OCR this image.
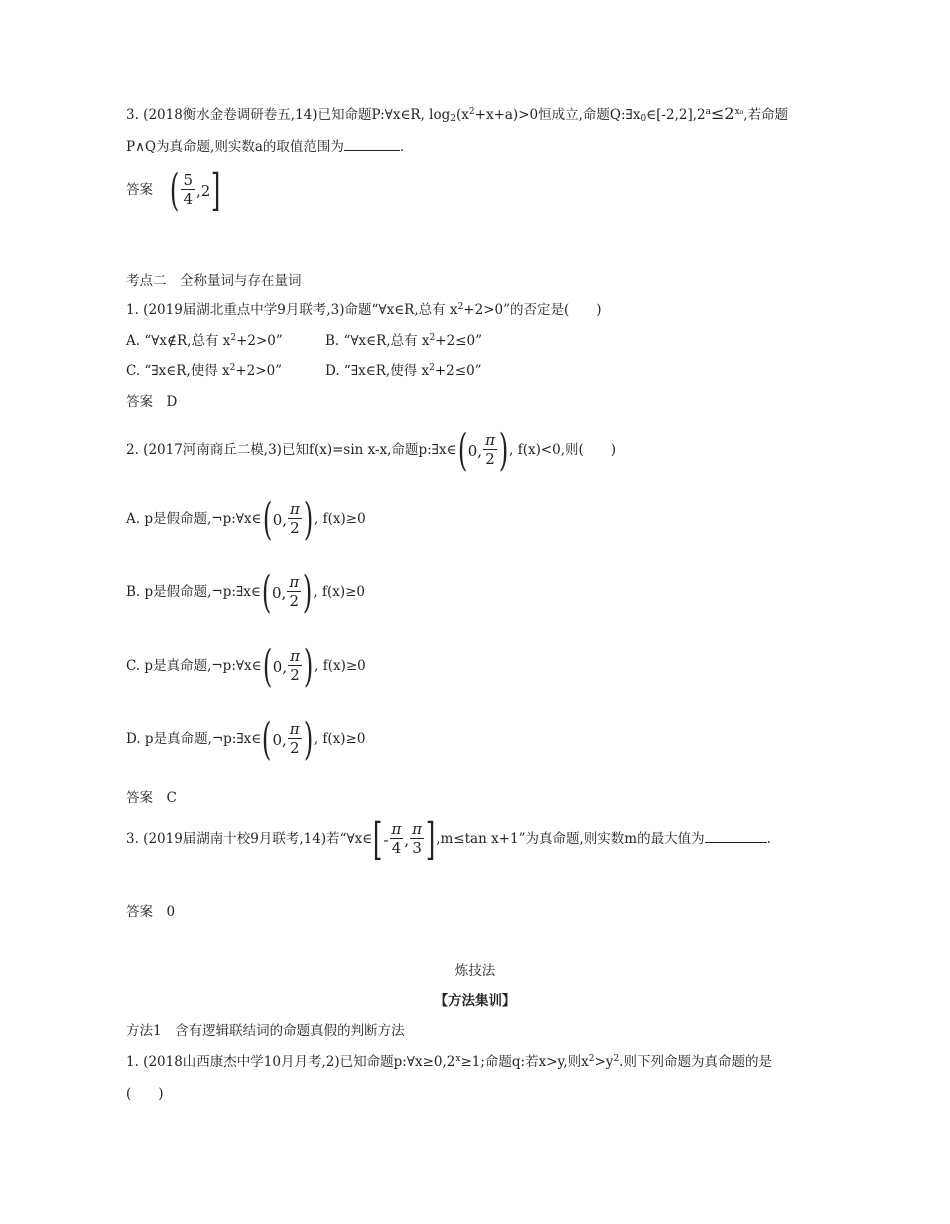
3. (2018衡水金卷调研卷五,14)已知命题P:∀x∈R, $\log_2(x^2+x+a)>0$恒成立,命题$Q:\exists x_0\in[-2,2],2^a\le 2^{x_0}$,若命题
P∧Q为真命题,则实数a的取值范围为	.
答案 ( $\frac{5}{4} ,2$ ]
考点二　全称量词与存在量词
1. (2019届湖北重点中学9月联考,3)命题“∀x∈R,总有 $x^2+2>0$”的否定是(　　)
A. “∀x∉R,总有 $x^2+2>0$”	B. “∀x∈R,总有 $x^2+2\le 0$”
C. “∃x∈R,使得 $x^2+2>0$”	D. “∃x∈R,使得 $x^2+2\le 0$”
答案　 D
2. (2017河南商丘二模,3)已知f(x)=sin x-x,命题p:∃x∈ ( 0, $\frac{\pi}{2}$ ) , f(x)<0,则(　　)
A. p是假命题,¬p:∀x∈ ( 0, $\frac{\pi}{2}$ ) , f(x)≥0
B. p是假命题,¬p:∃x∈ ( 0, $\frac{\pi}{2}$ ) , f(x)≥0
C. p是真命题,¬p:∀x∈ ( 0, $\frac{\pi}{2}$ ) , f(x)≥0
D. p是真命题,¬p:∃x∈ ( 0, $\frac{\pi}{2}$ ) , f(x)≥0
答案　 C
3. (2019届湖南十校9月联考,14)若“∀x∈ [ - $\frac{\pi}{4}$ , $\frac{\pi}{3}$ ] ,m≤tan x+1”为真命题,则实数m的最大值为	.
答案　 0
炼技法
【方法集训】
方法1　含有逻辑联结词的命题真假的判断方法
1. (2018山西康杰中学10月月考,2)已知命题$p:\forall x\ge 0,2^x\ge 1$;命题q:若x>y,则$x^2>y^2$.则下列命题为真命题的是
(　　)
